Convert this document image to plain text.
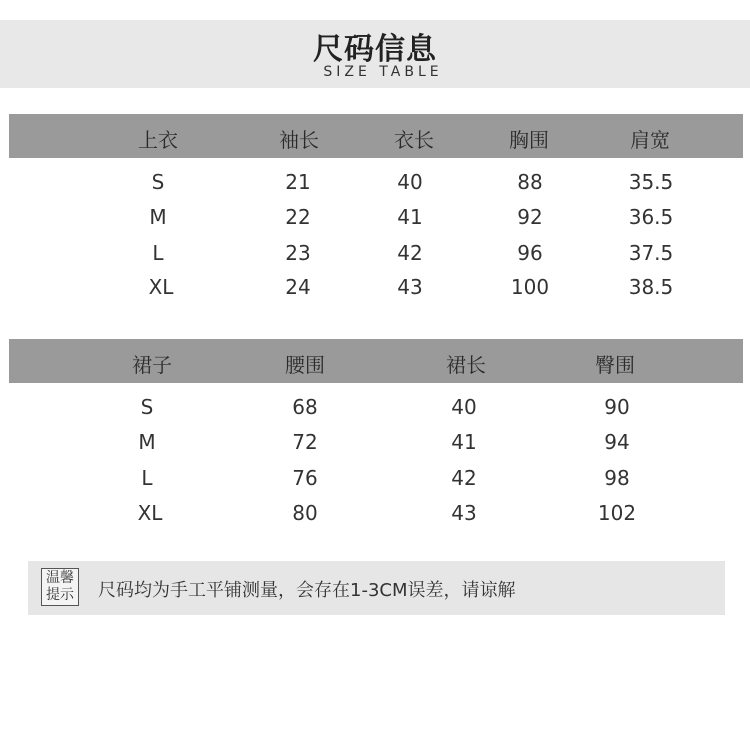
尺码信息
SIZE TABLE
上衣	袖长	衣长	胸围	肩宽
S	21	40	88	35.5
M	22	41	92	36.5
L	23	42	96	37.5
XL	24	43	100	38.5
裙子	腰围	裙长	臀围
S	68	40	90
M	72	41	94
L	76	42	98
XL	80	43	102
温馨
提示 尺码均为手工平铺测量，会存在1-3CM误差，请谅解
